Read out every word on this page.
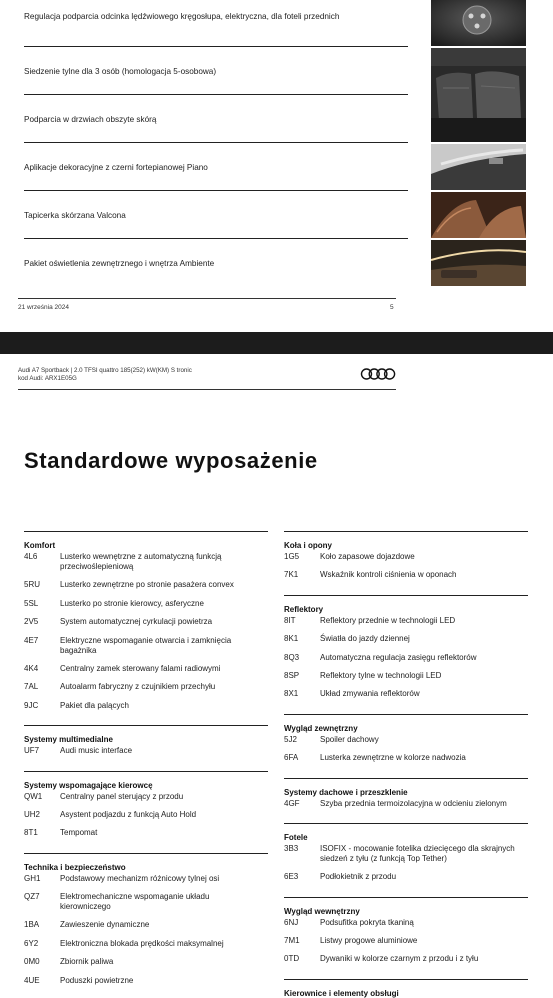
Regulacja podparcia odcinka lędźwiowego kręgosłupa, elektryczna, dla foteli przednich
Siedzenie tylne dla 3 osób (homologacja 5-osobowa)
Podparcia w drzwiach obszyte skórą
Aplikacje dekoracyjne z czerni fortepianowej Piano
Tapicerka skórzana Valcona
Pakiet oświetlenia zewnętrznego i wnętrza Ambiente
21 września 2024	5
Audi A7 Sportback | 2.0 TFSI quattro 185(252) kW(KM) S tronic
kod Audi: ARX1E05G
Standardowe wyposażenie
Komfort
4L6	Lusterko wewnętrzne z automatyczną funkcją przeciwoślepieniową
5RU	Lusterko zewnętrzne po stronie pasażera convex
5SL	Lusterko po stronie kierowcy, asferyczne
2V5	System automatycznej cyrkulacji powietrza
4E7	Elektryczne wspomaganie otwarcia i zamknięcia bagażnika
4K4	Centralny zamek sterowany falami radiowymi
7AL	Autoalarm fabryczny z czujnikiem przechyłu
9JC	Pakiet dla palących
Systemy multimedialne
UF7	Audi music interface
Systemy wspomagające kierowcę
QW1	Centralny panel sterujący z przodu
UH2	Asystent podjazdu z funkcją Auto Hold
8T1	Tempomat
Technika i bezpieczeństwo
GH1	Podstawowy mechanizm różnicowy tylnej osi
QZ7	Elektromechaniczne wspomaganie układu kierowniczego
1BA	Zawieszenie dynamiczne
6Y2	Elektroniczna blokada prędkości maksymalnej
0M0	Zbiornik paliwa
4UE	Poduszki powietrzne
Koła i opony
1G5	Koło zapasowe dojazdowe
7K1	Wskaźnik kontroli ciśnienia w oponach
Reflektory
8IT	Reflektory przednie w technologii LED
8K1	Światła do jazdy dziennej
8Q3	Automatyczna regulacja zasięgu reflektorów
8SP	Reflektory tylne w technologii LED
8X1	Układ zmywania reflektorów
Wygląd zewnętrzny
5J2	Spoiler dachowy
6FA	Lusterka zewnętrzne w kolorze nadwozia
Systemy dachowe i przeszklenie
4GF	Szyba przednia termoizolacyjna w odcieniu zielonym
Fotele
3B3	ISOFIX - mocowanie fotelika dziecięcego dla skrajnych siedzeń z tyłu (z funkcją Top Tether)
6E3	Podłokietnik z przodu
Wygląd wewnętrzny
6NJ	Podsufitka pokryta tkaniną
7M1	Listwy progowe aluminiowe
0TD	Dywaniki w kolorze czarnym z przodu i z tyłu
Kierownice i elementy obsługi
